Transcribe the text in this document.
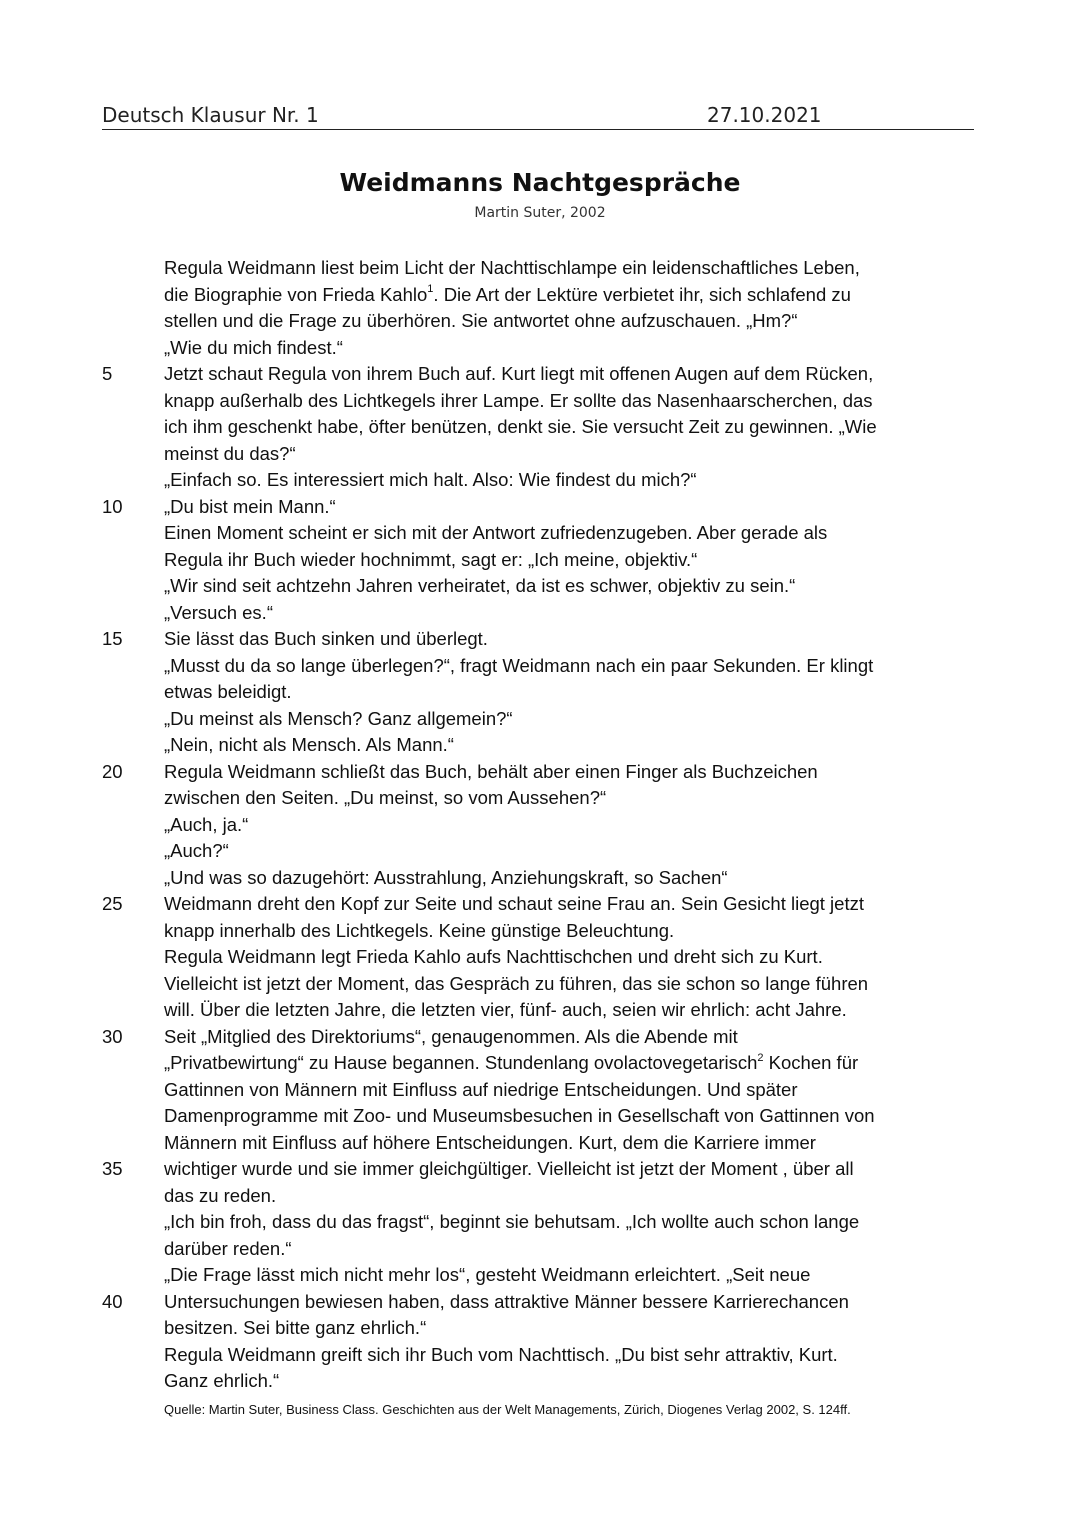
Deutsch Klausur Nr. 1	27.10.2021
Weidmanns Nachtgespräche
Martin Suter, 2002
Regula Weidmann liest beim Licht der Nachttischlampe ein leidenschaftliches Leben,
die Biographie von Frieda Kahlo$^1$. Die Art der Lektüre verbietet ihr, sich schlafend zu
stellen und die Frage zu überhören. Sie antwortet ohne aufzuschauen. „Hm?“
„Wie du mich findest.“
5	Jetzt schaut Regula von ihrem Buch auf. Kurt liegt mit offenen Augen auf dem Rücken,
knapp außerhalb des Lichtkegels ihrer Lampe. Er sollte das Nasenhaarscherchen, das
ich ihm geschenkt habe, öfter benützen, denkt sie. Sie versucht Zeit zu gewinnen. „Wie
meinst du das?“
„Einfach so. Es interessiert mich halt. Also: Wie findest du mich?“
10	„Du bist mein Mann.“
Einen Moment scheint er sich mit der Antwort zufriedenzugeben. Aber gerade als
Regula ihr Buch wieder hochnimmt, sagt er: „Ich meine, objektiv.“
„Wir sind seit achtzehn Jahren verheiratet, da ist es schwer, objektiv zu sein.“
„Versuch es.“
15	Sie lässt das Buch sinken und überlegt.
„Musst du da so lange überlegen?“, fragt Weidmann nach ein paar Sekunden. Er klingt
etwas beleidigt.
„Du meinst als Mensch? Ganz allgemein?“
„Nein, nicht als Mensch. Als Mann.“
20	Regula Weidmann schließt das Buch, behält aber einen Finger als Buchzeichen
zwischen den Seiten. „Du meinst, so vom Aussehen?“
„Auch, ja.“
„Auch?“
„Und was so dazugehört: Ausstrahlung, Anziehungskraft, so Sachen“
25	Weidmann dreht den Kopf zur Seite und schaut seine Frau an. Sein Gesicht liegt jetzt
knapp innerhalb des Lichtkegels. Keine günstige Beleuchtung.
Regula Weidmann legt Frieda Kahlo aufs Nachttischchen und dreht sich zu Kurt.
Vielleicht ist jetzt der Moment, das Gespräch zu führen, das sie schon so lange führen
will. Über die letzten Jahre, die letzten vier, fünf- auch, seien wir ehrlich: acht Jahre.
30	Seit „Mitglied des Direktoriums“, genaugenommen. Als die Abende mit
„Privatbewirtung“ zu Hause begannen. Stundenlang ovolactovegetarisch$^2$ Kochen für
Gattinnen von Männern mit Einfluss auf niedrige Entscheidungen. Und später
Damenprogramme mit Zoo- und Museumsbesuchen in Gesellschaft von Gattinnen von
Männern mit Einfluss auf höhere Entscheidungen. Kurt, dem die Karriere immer
35	wichtiger wurde und sie immer gleichgültiger. Vielleicht ist jetzt der Moment , über all
das zu reden.
„Ich bin froh, dass du das fragst“, beginnt sie behutsam. „Ich wollte auch schon lange
darüber reden.“
„Die Frage lässt mich nicht mehr los“, gesteht Weidmann erleichtert. „Seit neue
40	Untersuchungen bewiesen haben, dass attraktive Männer bessere Karrierechancen
besitzen. Sei bitte ganz ehrlich.“
Regula Weidmann greift sich ihr Buch vom Nachttisch. „Du bist sehr attraktiv, Kurt.
Ganz ehrlich.“
Quelle: Martin Suter, Business Class. Geschichten aus der Welt Managements, Zürich, Diogenes Verlag 2002, S. 124ff.
